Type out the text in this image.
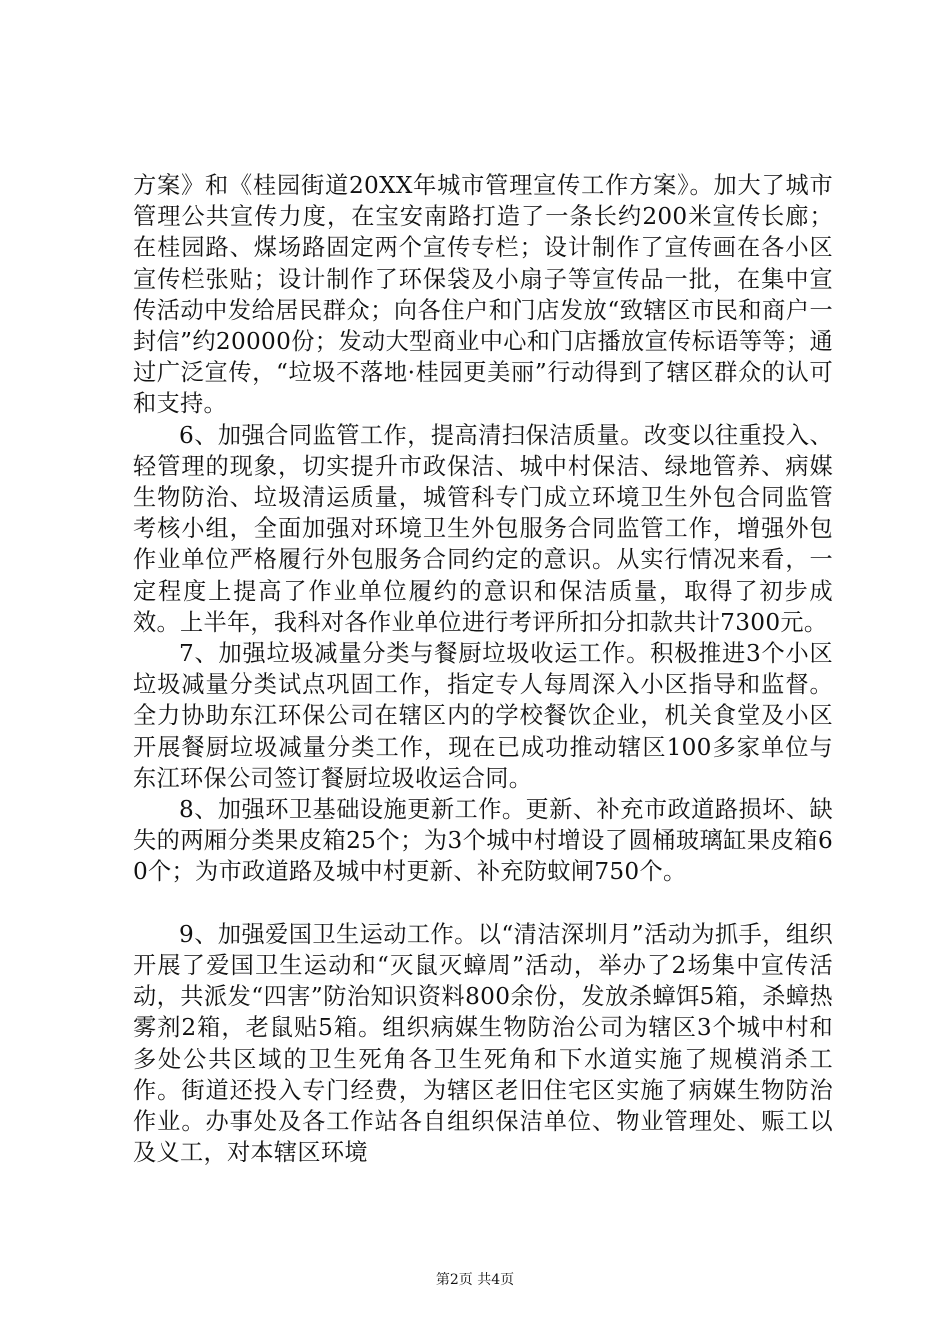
方案》和《桂园街道20XX年城市管理宣传工作方案》。加大了城市管理公共宣传力度，在宝安南路打造了一条长约200米宣传长廊；在桂园路、煤场路固定两个宣传专栏；设计制作了宣传画在各小区宣传栏张贴；设计制作了环保袋及小扇子等宣传品一批，在集中宣传活动中发给居民群众；向各住户和门店发放“致辖区市民和商户一封信”约20000份；发动大型商业中心和门店播放宣传标语等等；通过广泛宣传，“垃圾不落地·桂园更美丽”行动得到了辖区群众的认可和支持。

6、加强合同监管工作，提高清扫保洁质量。改变以往重投入、轻管理的现象，切实提升市政保洁、城中村保洁、绿地管养、病媒生物防治、垃圾清运质量，城管科专门成立环境卫生外包合同监管考核小组，全面加强对环境卫生外包服务合同监管工作，增强外包作业单位严格履行外包服务合同约定的意识。从实行情况来看，一定程度上提高了作业单位履约的意识和保洁质量，取得了初步成效。上半年，我科对各作业单位进行考评所扣分扣款共计7300元。

7、加强垃圾减量分类与餐厨垃圾收运工作。积极推进3个小区垃圾减量分类试点巩固工作，指定专人每周深入小区指导和监督。全力协助东江环保公司在辖区内的学校餐饮企业，机关食堂及小区开展餐厨垃圾减量分类工作，现在已成功推动辖区100多家单位与东江环保公司签订餐厨垃圾收运合同。

8、加强环卫基础设施更新工作。更新、补充市政道路损坏、缺失的两厢分类果皮箱25个；为3个城中村增设了圆桶玻璃缸果皮箱60个；为市政道路及城中村更新、补充防蚊闸750个。

9、加强爱国卫生运动工作。以“清洁深圳月”活动为抓手，组织开展了爱国卫生运动和“灭鼠灭蟑周”活动，举办了2场集中宣传活动，共派发“四害”防治知识资料800余份，发放杀蟑饵5箱，杀蟑热雾剂2箱，老鼠贴5箱。组织病媒生物防治公司为辖区3个城中村和多处公共区域的卫生死角各卫生死角和下水道实施了规模消杀工作。街道还投入专门经费，为辖区老旧住宅区实施了病媒生物防治作业。办事处及各工作站各自组织保洁单位、物业管理处、赈工以及义工，对本辖区环境

第2页 共4页
